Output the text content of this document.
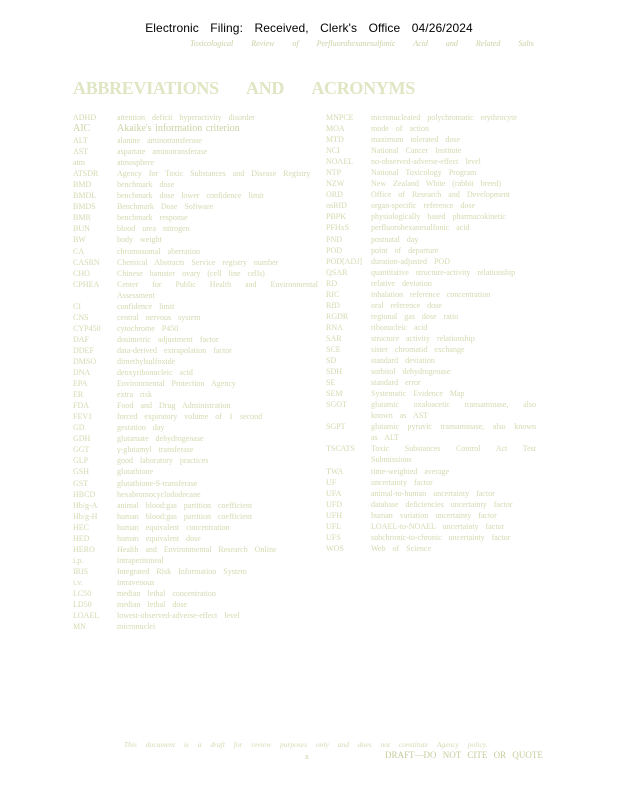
Electronic Filing: Received, Clerk's Office 04/26/2024
Toxicological Review of Perfluorohexanesulfonic Acid and Related Salts
ABBREVIATIONS AND ACRONYMS
ADHD	attention deficit hyperactivity disorder
AIC	Akaike's information criterion
ALT	alanine aminotransferase
AST	aspartate aminotransferase
atm	atmosphere
ATSDR	Agency for Toxic Substances and Disease Registry
BMD	benchmark dose
BMDL	benchmark dose lower confidence limit
BMDS	Benchmark Dose Software
BMR	benchmark response
BUN	blood urea nitrogen
BW	body weight
CA	chromosomal aberration
CASRN	Chemical Abstracts Service registry number
CHO	Chinese hamster ovary (cell line cells)
CPHEA	Center for Public Health and Environmental Assessment
CI	confidence limit
CNS	central nervous system
CYP450	cytochrome P450
DAF	dosimetric adjustment factor
DDEF	data-derived extrapolation factor
DMSO	dimethylsulfoxide
DNA	deoxyribonucleic acid
EPA	Environmental Protection Agency
ER	extra risk
FDA	Food and Drug Administration
FEV1	forced expiratory volume of 1 second
GD	gestation day
GDH	glutamate dehydrogenase
GGT	γ-glutamyl transferase
GLP	good laboratory practices
GSH	glutathione
GST	glutathione-S-transferase
HBCD	hexabromocyclododecane
Hb/g-A	animal blood:gas partition coefficient
Hb/g-H	human blood:gas partition coefficient
HEC	human equivalent concentration
HED	human equivalent dose
HERO	Health and Environmental Research Online
i.p.	intraperitoneal
IRIS	Integrated Risk Information System
i.v.	intravenous
LC50	median lethal concentration
LD50	median lethal dose
LOAEL	lowest-observed-adverse-effect level
MN	micronuclei
MNPCE	micronucleated polychromatic erythrocyte
MOA	mode of action
MTD	maximum tolerated dose
NCI	National Cancer Institute
NOAEL	no-observed-adverse-effect level
NTP	National Toxicology Program
NZW	New Zealand White (rabbit breed)
ORD	Office of Research and Development
osRfD	organ-specific reference dose
PBPK	physiologically based pharmacokinetic
PFHxS	perfluorohexanesulfonic acid
PND	postnatal day
POD	point of departure
POD[ADJ]	duration-adjusted POD
QSAR	quantitative structure-activity relationship
RD	relative deviation
RfC	inhalation reference concentration
RfD	oral reference dose
RGDR	regional gas dose ratio
RNA	ribonucleic acid
SAR	structure activity relationship
SCE	sister chromatid exchange
SD	standard deviation
SDH	sorbitol dehydrogenase
SE	standard error
SEM	Systematic Evidence Map
SGOT	glutamic oxaloacetic transaminase, also known as AST
SGPT	glutamic pyruvic transaminase, also known as ALT
TSCATS	Toxic Substances Control Act Test Submissions
TWA	time-weighted average
UF	uncertainty factor
UFA	animal-to-human uncertainty factor
UFD	database deficiencies uncertainty factor
UFH	human variation uncertainty factor
UFL	LOAEL-to-NOAEL uncertainty factor
UFS	subchronic-to-chronic uncertainty factor
WOS	Web of Science
This document is a draft for review purposes only and does not constitute Agency policy.
x	DRAFT—DO NOT CITE OR QUOTE
